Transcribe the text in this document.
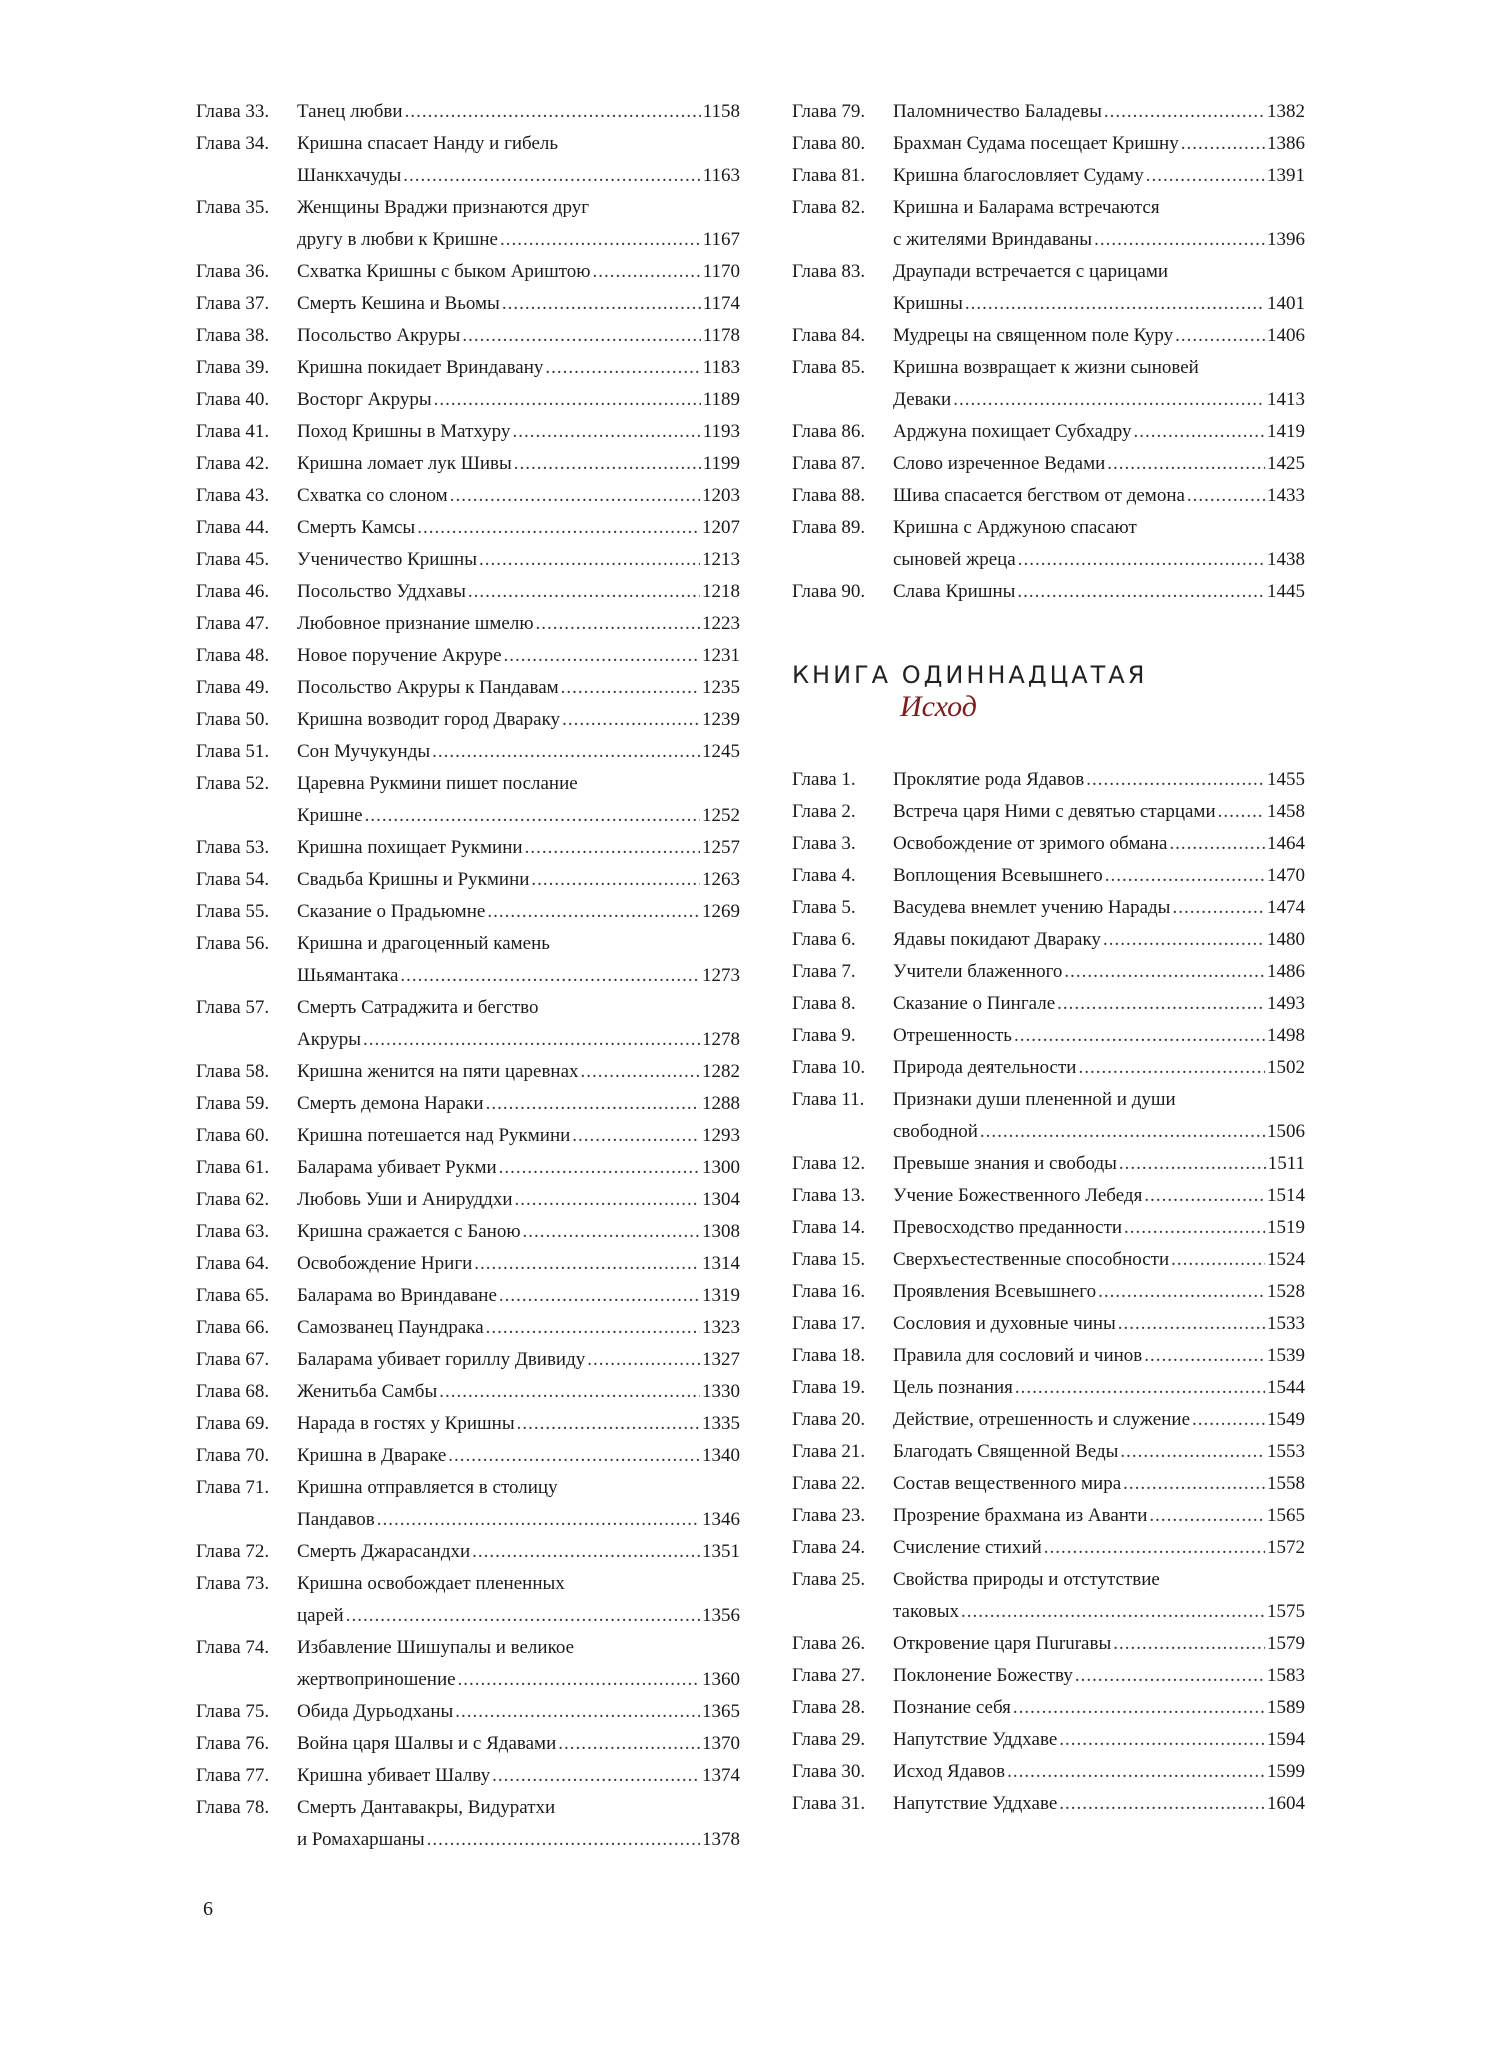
Глава 33.	Танец любви .....	1158
Глава 34.	Кришна спасает Нанду и гибель
Шанкхачуды .....	1163
Глава 35.	Женщины Враджи признаются друг
другу в любви к Кришне .....	1167
Глава 36.	Схватка Кришны с быком Ариштою .....	1170
Глава 37.	Смерть Кешина и Вьомы .....	1174
Глава 38.	Посольство Акруры .....	1178
Глава 39.	Кришна покидает Вриндавану .....	1183
Глава 40.	Восторг Акруры .....	1189
Глава 41.	Поход Кришны в Матхуру .....	1193
Глава 42.	Кришна ломает лук Шивы .....	1199
Глава 43.	Схватка со слоном .....	1203
Глава 44.	Смерть Камсы .....	1207
Глава 45.	Ученичество Кришны .....	1213
Глава 46.	Посольство Уддхавы .....	1218
Глава 47.	Любовное признание шмелю .....	1223
Глава 48.	Новое поручение Акруре .....	1231
Глава 49.	Посольство Акруры к Пандавам .....	1235
Глава 50.	Кришна возводит город Двараку .....	1239
Глава 51.	Сон Мучукунды .....	1245
Глава 52.	Царевна Рукмини пишет послание
Кришне .....	1252
Глава 53.	Кришна похищает Рукмини .....	1257
Глава 54.	Свадьба Кришны и Рукмини .....	1263
Глава 55.	Сказание о Прадьюмне .....	1269
Глава 56.	Кришна и драгоценный камень
Шьямантака .....	1273
Глава 57.	Смерть Сатраджита и бегство
Акруры .....	1278
Глава 58.	Кришна женится на пяти царевнах .....	1282
Глава 59.	Смерть демона Нараки .....	1288
Глава 60.	Кришна потешается над Рукмини .....	1293
Глава 61.	Баларама убивает Рукми .....	1300
Глава 62.	Любовь Уши и Анируддхи .....	1304
Глава 63.	Кришна сражается с Баною .....	1308
Глава 64.	Освобождение Нриги .....	1314
Глава 65.	Баларама во Вриндаване .....	1319
Глава 66.	Самозванец Паундрака .....	1323
Глава 67.	Баларама убивает гориллу Двивиду .....	1327
Глава 68.	Женитьба Самбы .....	1330
Глава 69.	Нарада в гостях у Кришны .....	1335
Глава 70.	Кришна в Двараке .....	1340
Глава 71.	Кришна отправляется в столицу
Пандавов .....	1346
Глава 72.	Смерть Джарасандхи .....	1351
Глава 73.	Кришна освобождает плененных
царей .....	1356
Глава 74.	Избавление Шишупалы и великое
жертвоприношение .....	1360
Глава 75.	Обида Дурьодханы .....	1365
Глава 76.	Война царя Шалвы и с Ядавами .....	1370
Глава 77.	Кришна убивает Шалву .....	1374
Глава 78.	Смерть Дантавакры, Видуратхи
и Ромахаршаны .....	1378
Глава 79.	Паломничество Баладевы .....	1382
Глава 80.	Брахман Судама посещает Кришну .....	1386
Глава 81.	Кришна благословляет Судаму .....	1391
Глава 82.	Кришна и Баларама встречаются
с жителями Вриндаваны .....	1396
Глава 83.	Драупади встречается с царицами
Кришны .....	1401
Глава 84.	Мудрецы на священном поле Куру .....	1406
Глава 85.	Кришна возвращает к жизни сыновей
Деваки .....	1413
Глава 86.	Арджуна похищает Субхадру .....	1419
Глава 87.	Слово изреченное Ведами .....	1425
Глава 88.	Шива спасается бегством от демона .....	1433
Глава 89.	Кришна с Арджуною спасают
сыновей жреца .....	1438
Глава 90.	Слава Кришны .....	1445
КНИГА ОДИННАДЦАТАЯ
Исход
Глава 1.	Проклятие рода Ядавов .....	1455
Глава 2.	Встреча царя Ними с девятью старцами .....	1458
Глава 3.	Освобождение от зримого обмана .....	1464
Глава 4.	Воплощения Всевышнего .....	1470
Глава 5.	Васудева внемлет учению Нарады .....	1474
Глава 6.	Ядавы покидают Двараку .....	1480
Глава 7.	Учители блаженного .....	1486
Глава 8.	Сказание о Пингале .....	1493
Глава 9.	Отрешенность .....	1498
Глава 10.	Природа деятельности .....	1502
Глава 11.	Признаки души плененной и души
свободной .....	1506
Глава 12.	Превыше знания и свободы .....	1511
Глава 13.	Учение Божественного Лебедя .....	1514
Глава 14.	Превосходство преданности .....	1519
Глава 15.	Сверхъестественные способности .....	1524
Глава 16.	Проявления Всевышнего .....	1528
Глава 17.	Сословия и духовные чины .....	1533
Глава 18.	Правила для сословий и чинов .....	1539
Глава 19.	Цель познания .....	1544
Глава 20.	Действие, отрешенность и служение .....	1549
Глава 21.	Благодать Священной Веды .....	1553
Глава 22.	Состав вещественного мира .....	1558
Глава 23.	Прозрение брахмана из Аванти .....	1565
Глава 24.	Счисление стихий .....	1572
Глава 25.	Свойства природы и отстутствие
таковых .....	1575
Глава 26.	Откровение царя Пururавы .....	1579
Глава 27.	Поклонение Божеству .....	1583
Глава 28.	Познание себя .....	1589
Глава 29.	Напутствие Уддхаве .....	1594
Глава 30.	Исход Ядавов .....	1599
Глава 31.	Напутствие Уддхаве .....	1604
6
